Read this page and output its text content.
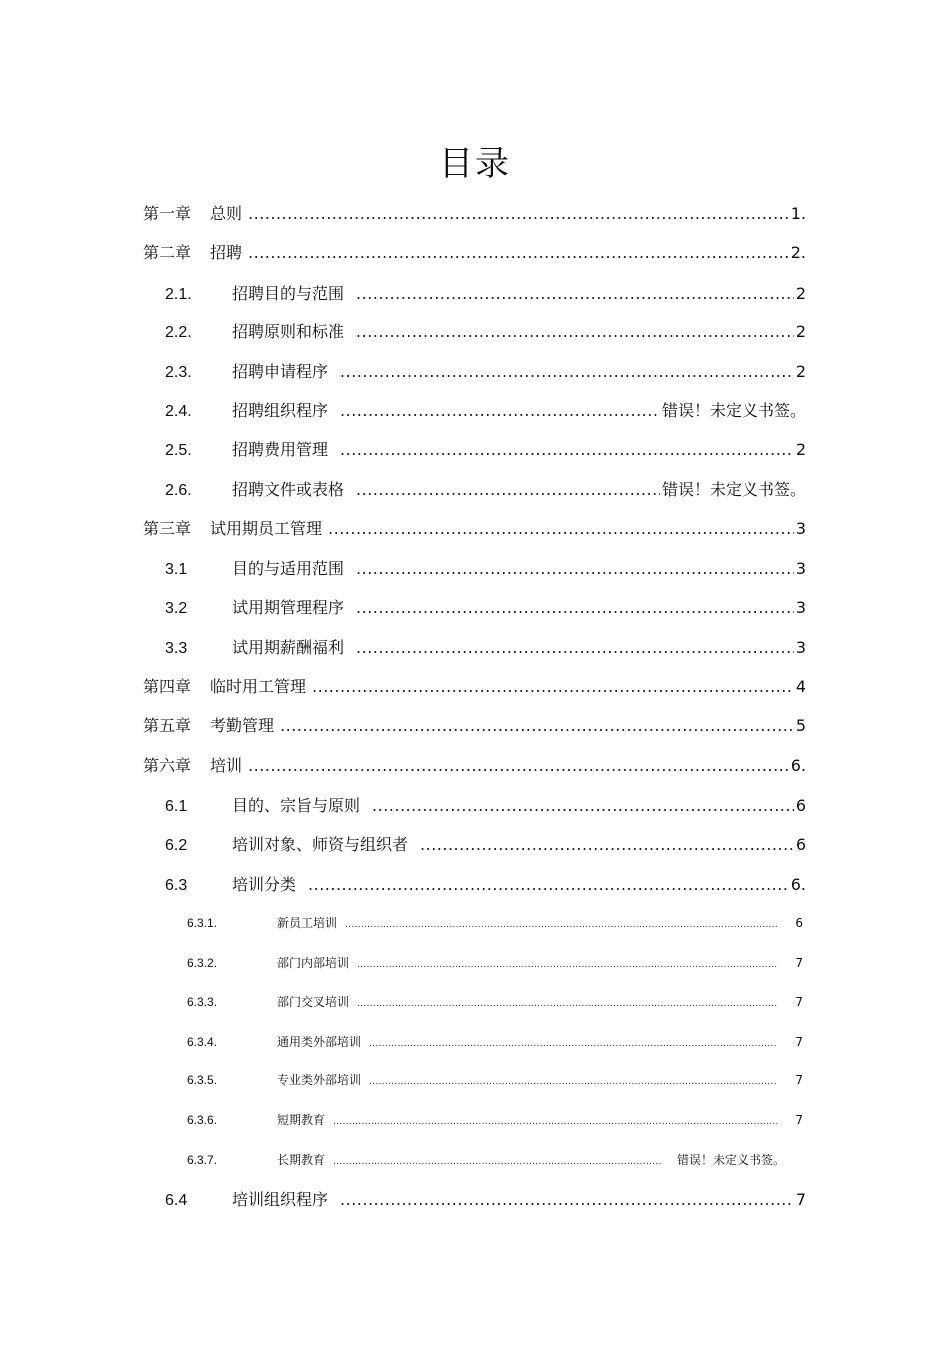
目录
第一章	总则 .....	1.
第二章	招聘 .....	2.
2.1.	招聘目的与范围 .....	2
2.2.	招聘原则和标准 .....	2
2.3.	招聘申请程序 .....	2
2.4.	招聘组织程序 .....	错误！未定义书签。
2.5.	招聘费用管理 .....	2
2.6.	招聘文件或表格 .....	错误！未定义书签。
第三章	试用期员工管理 .....	3
3.1	目的与适用范围 .....	3
3.2	试用期管理程序 .....	3
3.3	试用期薪酬福利 .....	3
第四章	临时用工管理 .....	4
第五章	考勤管理 .....	5
第六章	培训 .....	6.
6.1	目的、宗旨与原则 .....	6
6.2	培训对象、师资与组织者 .....	6
6.3	培训分类 .....	6.
6.3.1.	新员工培训 .....	6
6.3.2.	部门内部培训 .....	7
6.3.3.	部门交叉培训 .....	7
6.3.4.	通用类外部培训 .....	7
6.3.5.	专业类外部培训 .....	7
6.3.6.	短期教育 .....	7
6.3.7.	长期教育 .....	错误！未定义书签。
6.4	培训组织程序 .....	7
